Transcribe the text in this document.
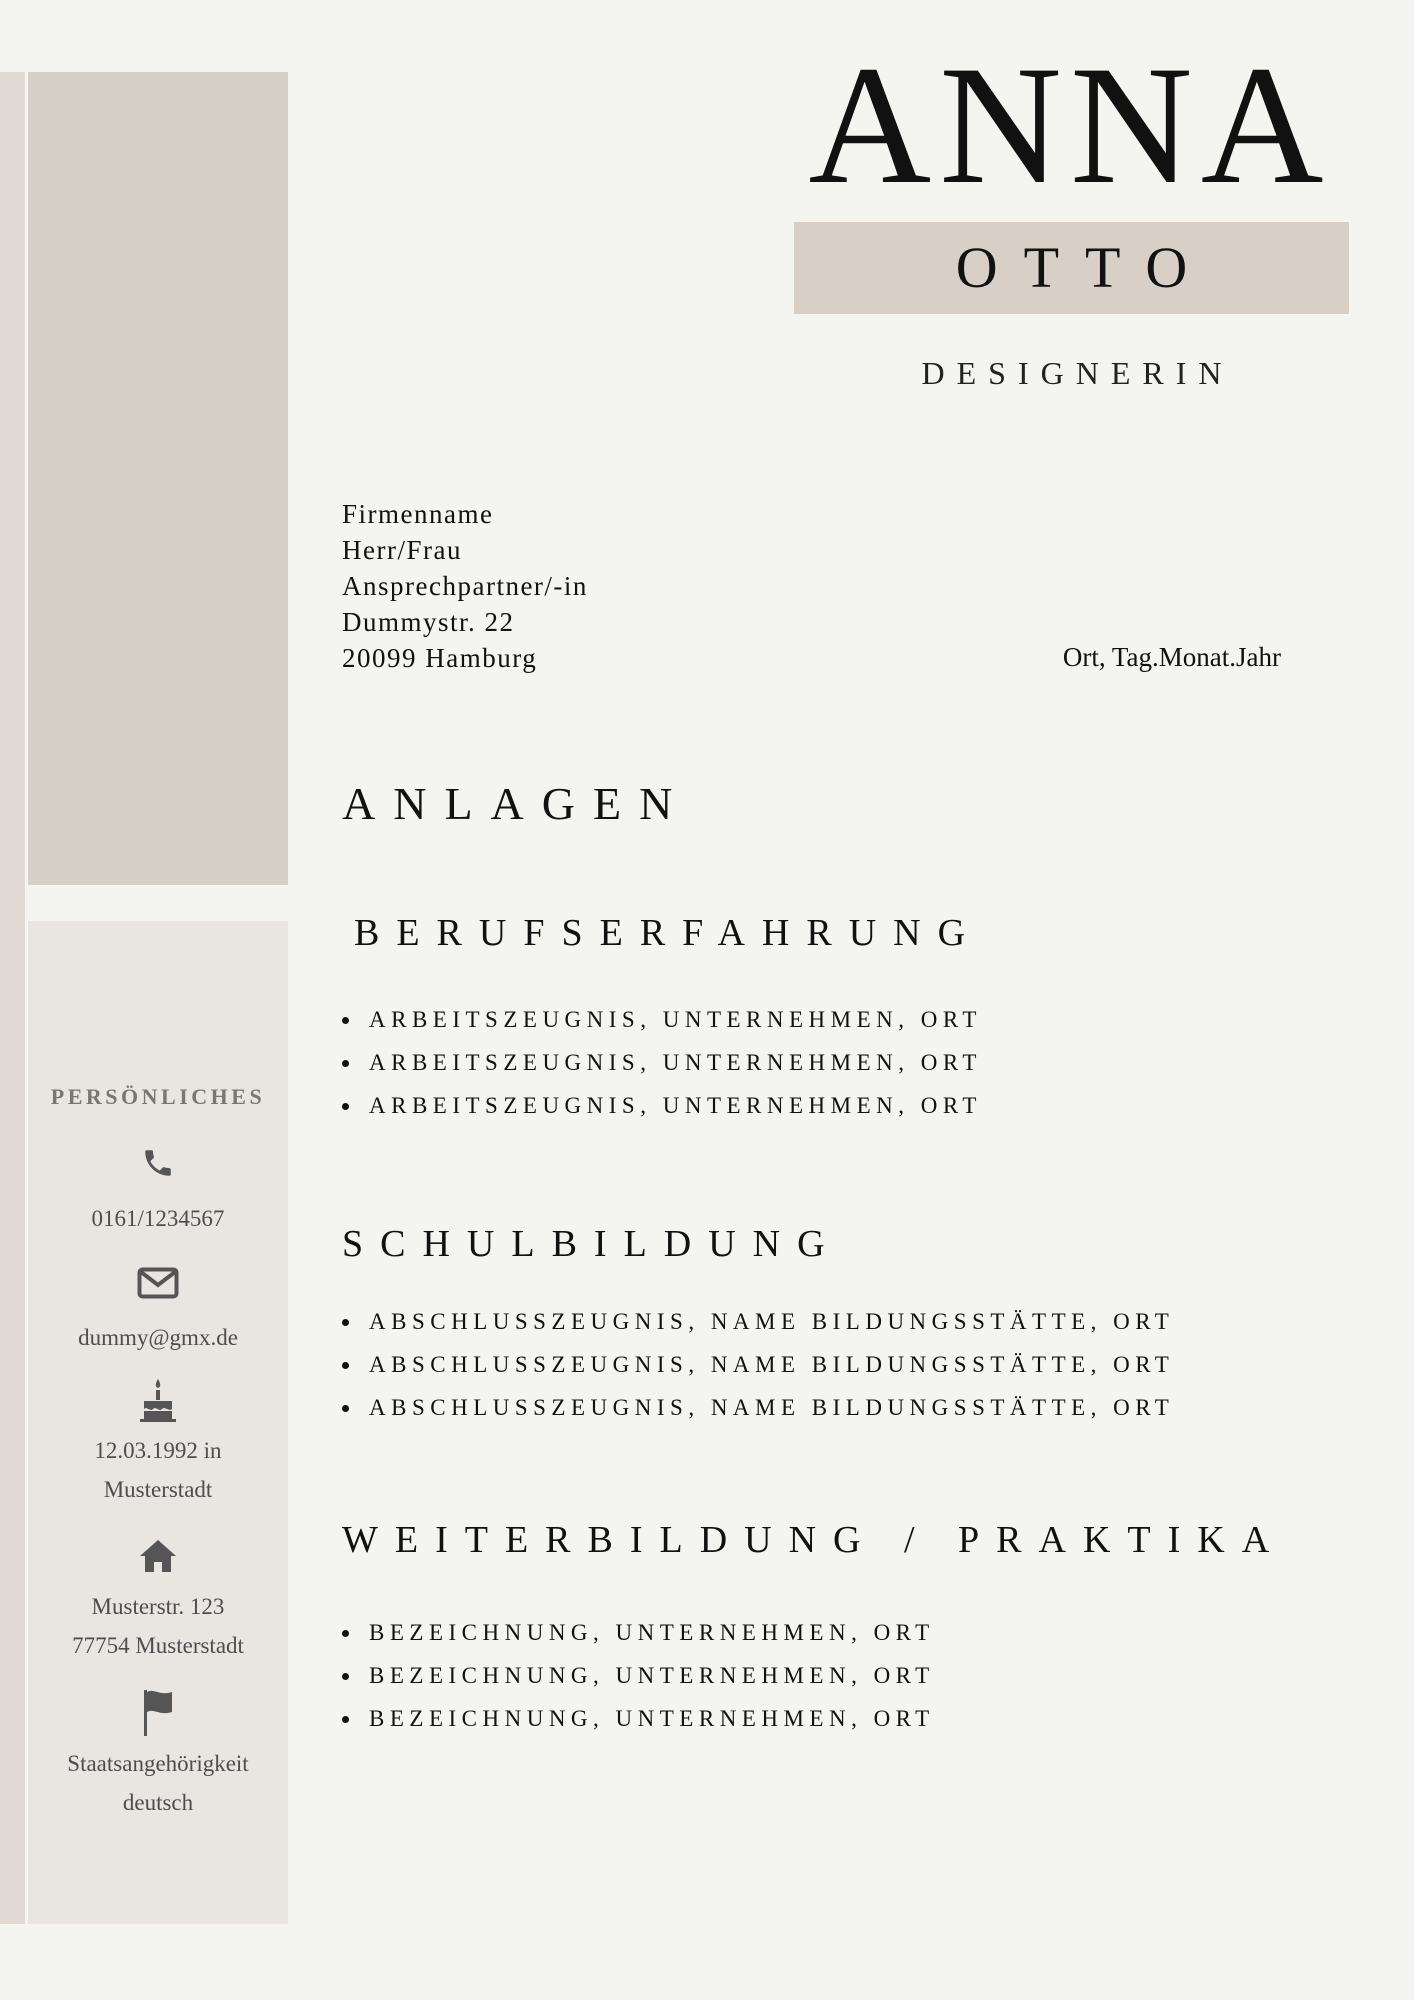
PERSÖNLICHES
0161/1234567
dummy@gmx.de
12.03.1992 in
Musterstadt
Musterstr. 123
77754 Musterstadt
Staatsangehörigkeit
deutsch
ANNA
OTTO
DESIGNERIN
Firmenname
Herr/Frau
Ansprechpartner/-in
Dummystr. 22
20099 Hamburg	Ort, Tag.Monat.Jahr
ANLAGEN
BERUFSERFAHRUNG
ARBEITSZEUGNIS, UNTERNEHMEN, ORT
ARBEITSZEUGNIS, UNTERNEHMEN, ORT
ARBEITSZEUGNIS, UNTERNEHMEN, ORT
SCHULBILDUNG
ABSCHLUSSZEUGNIS, NAME BILDUNGSSTÄTTE, ORT
ABSCHLUSSZEUGNIS, NAME BILDUNGSSTÄTTE, ORT
ABSCHLUSSZEUGNIS, NAME BILDUNGSSTÄTTE, ORT
WEITERBILDUNG / PRAKTIKA
BEZEICHNUNG, UNTERNEHMEN, ORT
BEZEICHNUNG, UNTERNEHMEN, ORT
BEZEICHNUNG, UNTERNEHMEN, ORT
